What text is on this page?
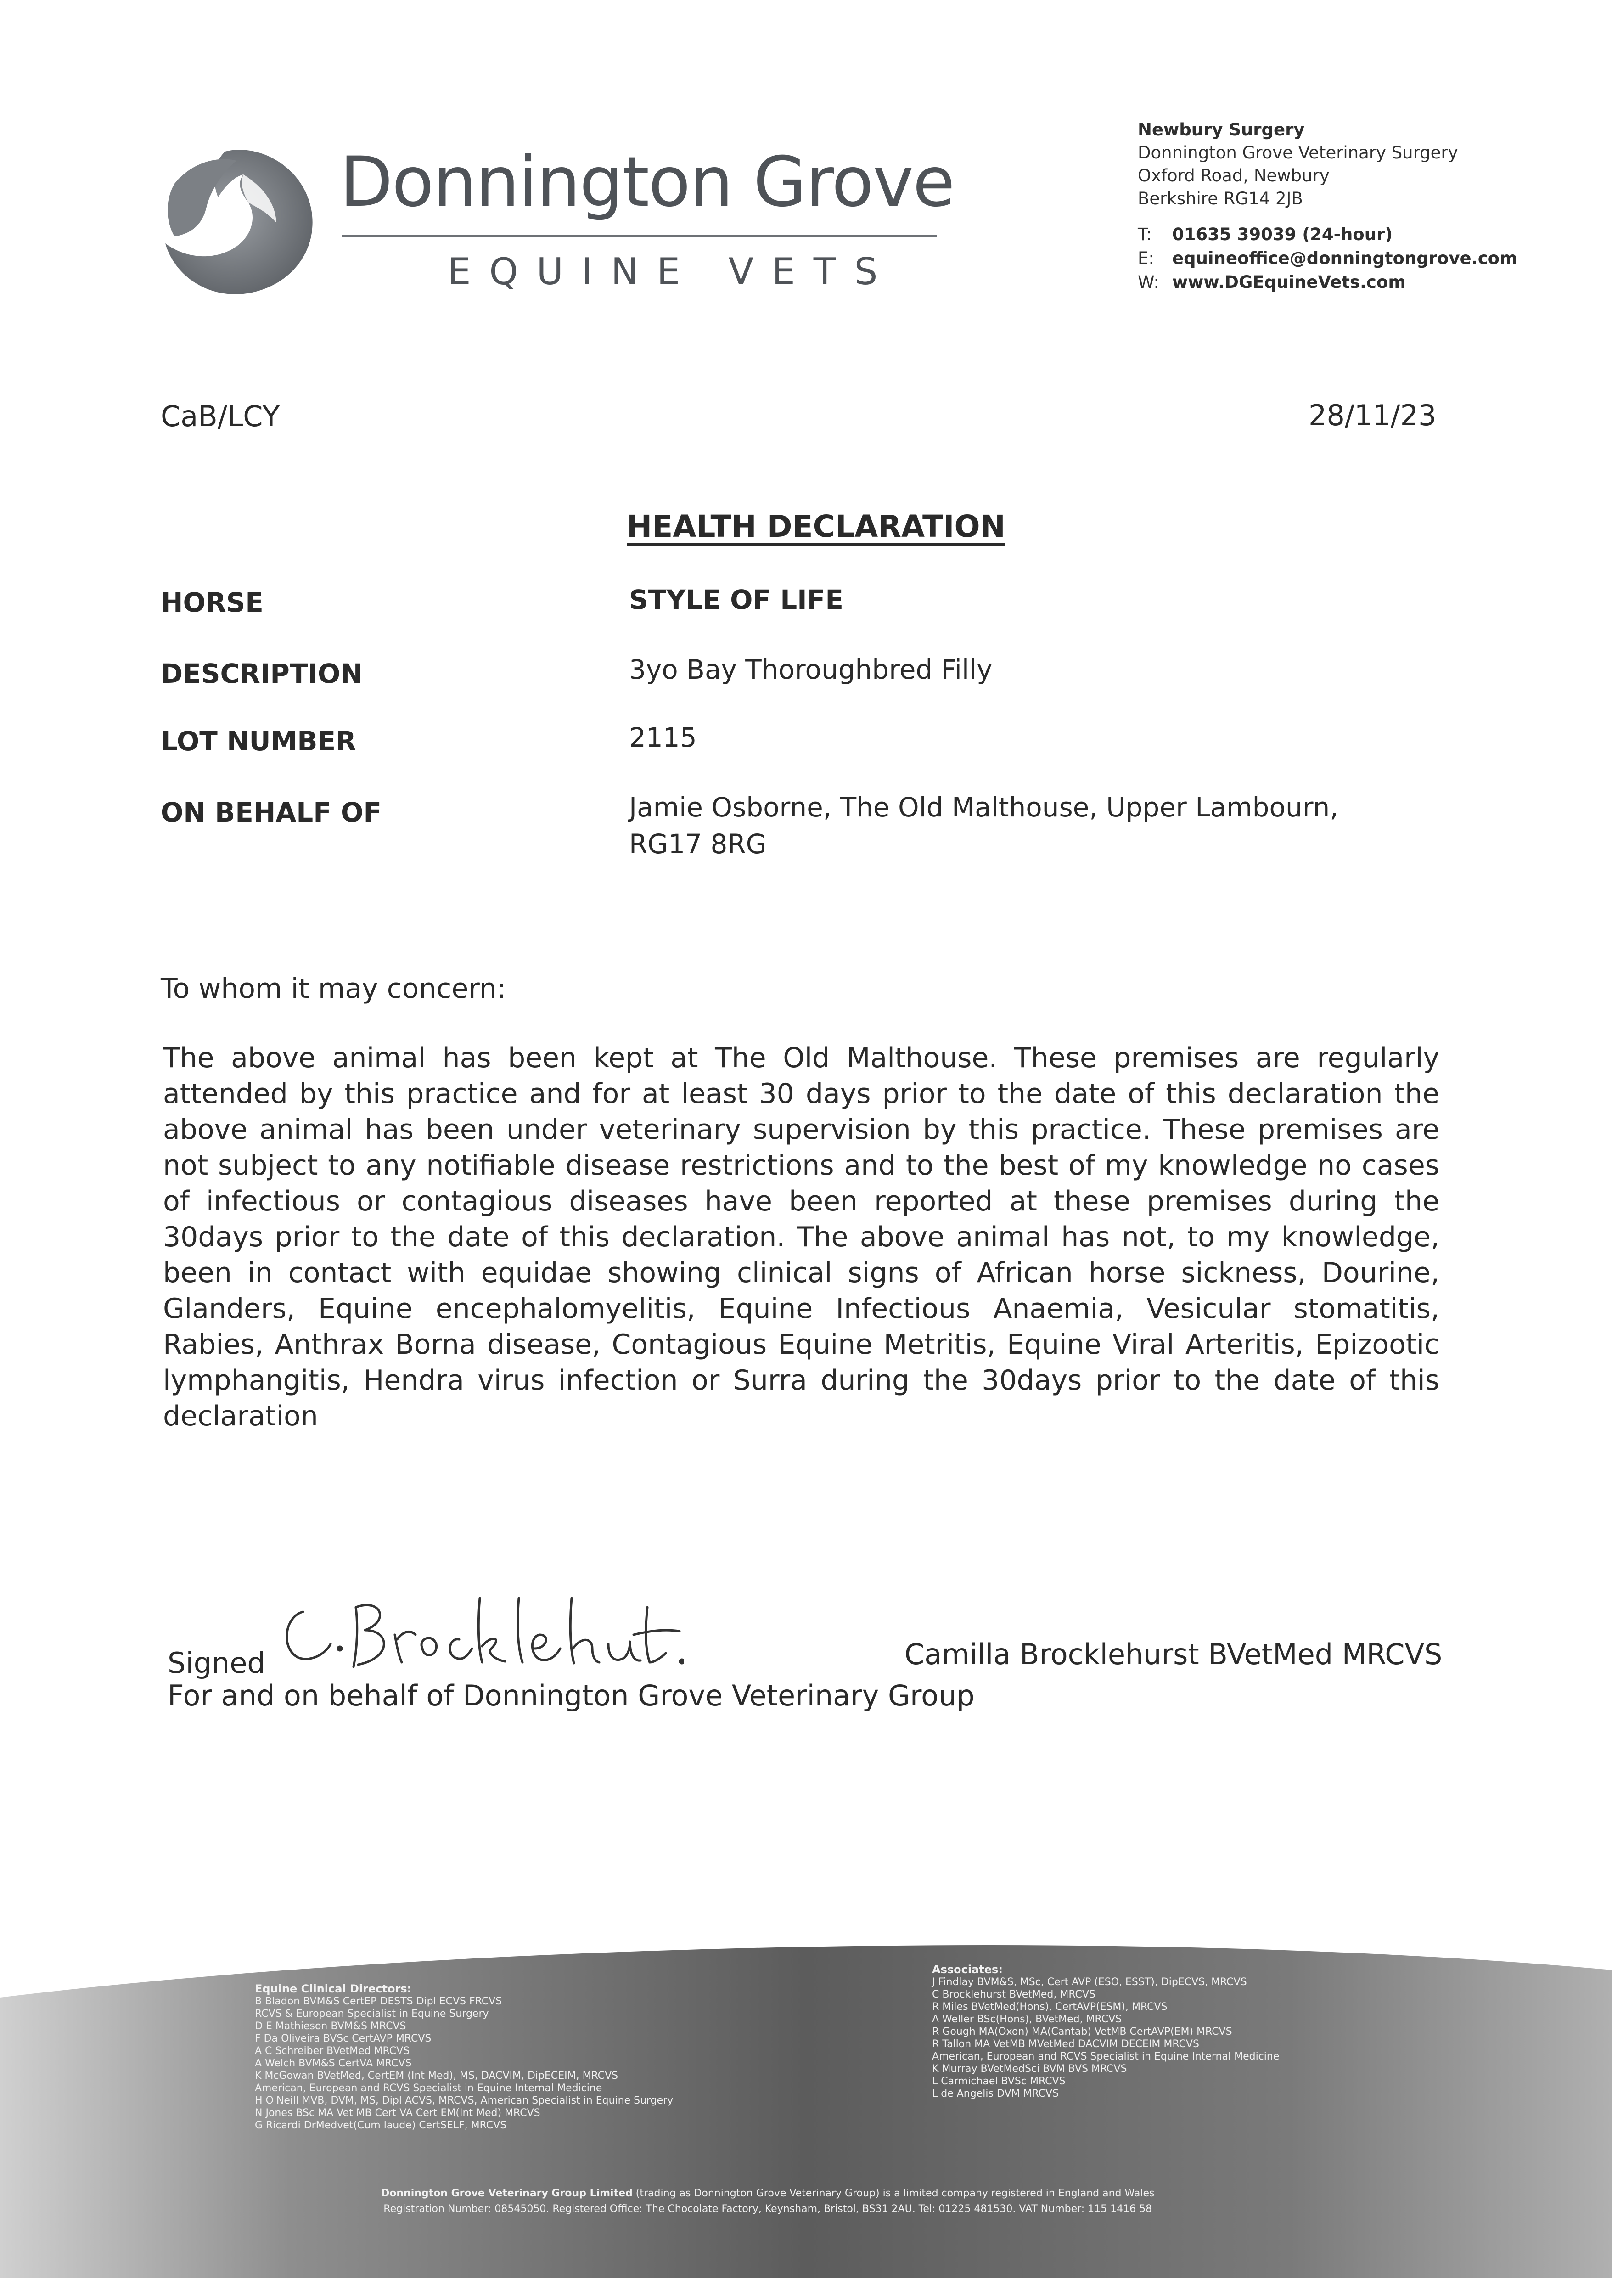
Donnington Grove
EQUINE VETS
Newbury Surgery
Donnington Grove Veterinary Surgery
Oxford Road, Newbury
Berkshire RG14 2JB
T:	01635 39039 (24-hour)
E:	equineoffice@donningtongrove.com
W: www.DGEquineVets.com
CaB/LCY	28/11/23
HEALTH DECLARATION
HORSE	STYLE OF LIFE
DESCRIPTION	3yo Bay Thoroughbred Filly
LOT NUMBER	2115
ON BEHALF OF	Jamie Osborne, The Old Malthouse, Upper Lambourn,
RG17 8RG
To whom it may concern:
The above animal has been kept at The Old Malthouse. These premises are regularly attended by this practice and for at least 30 days prior to the date of this declaration the above animal has been under veterinary supervision by this practice. These premises are not subject to any notifiable disease restrictions and to the best of my knowledge no cases of infectious or contagious diseases have been reported at these premises during the 30days prior to the date of this declaration. The above animal has not, to my knowledge, been in contact with equidae showing clinical signs of African horse sickness, Dourine, Glanders, Equine encephalomyelitis, Equine Infectious Anaemia, Vesicular stomatitis, Rabies, Anthrax Borna disease, Contagious Equine Metritis, Equine Viral Arteritis, Epizootic lymphangitis, Hendra virus infection or Surra during the 30days prior to the date of this declaration
Signed	Camilla Brocklehurst BVetMed MRCVS
For and on behalf of Donnington Grove Veterinary Group
Equine Clinical Directors:
B Bladon BVM&S CertEP DESTS Dipl ECVS FRCVS
RCVS & European Specialist in Equine Surgery
D E Mathieson BVM&S MRCVS
F Da Oliveira BVSc CertAVP MRCVS
A C Schreiber BVetMed MRCVS
A Welch BVM&S CertVA MRCVS
K McGowan BVetMed, CertEM (Int Med), MS, DACVIM, DipECEIM, MRCVS
American, European and RCVS Specialist in Equine Internal Medicine
H O'Neill MVB, DVM, MS, Dipl ACVS, MRCVS, American Specialist in Equine Surgery
N Jones BSc MA Vet MB Cert VA Cert EM(Int Med) MRCVS
G Ricardi DrMedvet(Cum laude) CertSELF, MRCVS
Associates:
J Findlay BVM&S, MSc, Cert AVP (ESO, ESST), DipECVS, MRCVS
C Brocklehurst BVetMed, MRCVS
R Miles BVetMed(Hons), CertAVP(ESM), MRCVS
A Weller BSc(Hons), BVetMed, MRCVS
R Gough MA(Oxon) MA(Cantab) VetMB CertAVP(EM) MRCVS
R Tallon MA VetMB MVetMed DACVIM DECEIM MRCVS
American, European and RCVS Specialist in Equine Internal Medicine
K Murray BVetMedSci BVM BVS MRCVS
L Carmichael BVSc MRCVS
L de Angelis DVM MRCVS
Donnington Grove Veterinary Group Limited (trading as Donnington Grove Veterinary Group) is a limited company registered in England and Wales
Registration Number: 08545050. Registered Office: The Chocolate Factory, Keynsham, Bristol, BS31 2AU. Tel: 01225 481530. VAT Number: 115 1416 58
